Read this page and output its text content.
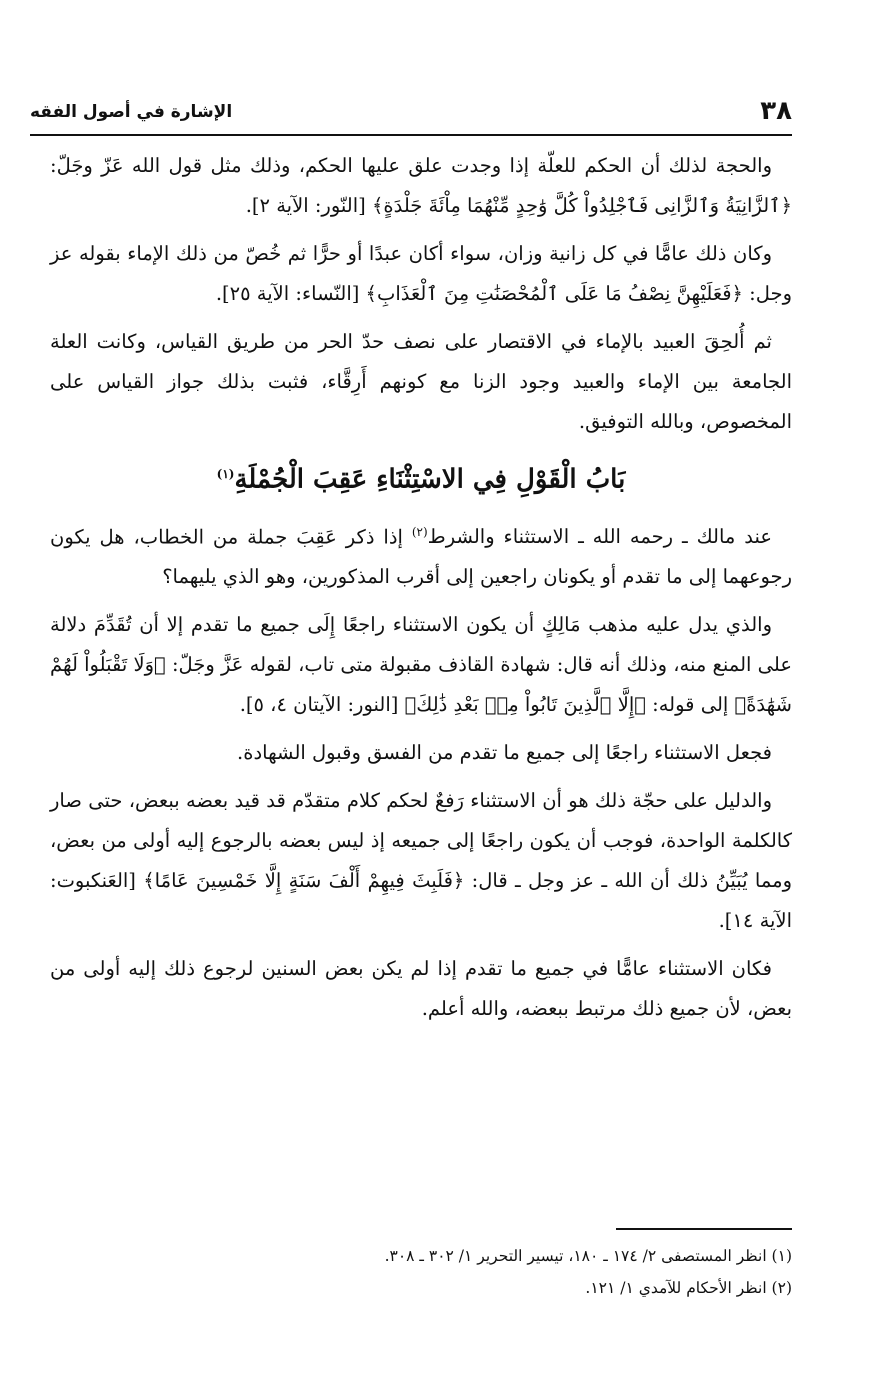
٣٨
الإشارة في أصول الفقه

والحجة لذلك أن الحكم للعلّة إذا وجدت علق عليها الحكم، وذلك مثل قول الله عَزّ وجَلّ: ﴿ٱلزَّانِيَةُ وَٱلزَّانِى فَٱجْلِدُواْ كُلَّ وَٰحِدٍ مِّنْهُمَا مِاْئَةَ جَلْدَةٍ﴾ [النّور: الآية ٢].

وكان ذلك عامًّا في كل زانية وزان، سواء أكان عبدًا أو حرًّا ثم خُصّ من ذلك الإماء بقوله عز وجل: ﴿فَعَلَيْهِنَّ نِصْفُ مَا عَلَى ٱلْمُحْصَنَٰتِ مِنَ ٱلْعَذَابِ﴾ [النّساء: الآية ٢٥].

ثم أُلحِقَ العبيد بالإماء في الاقتصار على نصف حدّ الحر من طريق القياس، وكانت العلة الجامعة بين الإماء والعبيد وجود الزنا مع كونهم أَرِقَّاء، فثبت بذلك جواز القياس على المخصوص، وبالله التوفيق.

بَابُ الْقَوْلِ فِي الاسْتِثْنَاءِ عَقِبَ الْجُمْلَةِ$^{(١)}$

عند مالك ـ رحمه الله ـ الاستثناء والشرط$^{(٢)}$ إذا ذكر عَقِبَ جملة من الخطاب، هل يكون رجوعهما إلى ما تقدم أو يكونان راجعين إلى أقرب المذكورين، وهو الذي يليهما؟

والذي يدل عليه مذهب مَالِكٍ أن يكون الاستثناء راجعًا إِلَى جميع ما تقدم إلا أن تُقَدِّمَ دلالة على المنع منه، وذلك أنه قال: شهادة القاذف مقبولة متى تاب، لقوله عَزَّ وجَلّ: ﴿وَلَا تَقْبَلُواْ لَهُمْ شَهَٰدَةً﴾ إلى قوله: ﴿إِلَّا ٱلَّذِينَ تَابُواْ مِنۢ بَعْدِ ذَٰلِكَ﴾ [النور: الآيتان ٤، ٥].

فجعل الاستثناء راجعًا إلى جميع ما تقدم من الفسق وقبول الشهادة.

والدليل على حجّة ذلك هو أن الاستثناء رَفعٌ لحكم كلام متقدّم قد قيد بعضه ببعض، حتى صار كالكلمة الواحدة، فوجب أن يكون راجعًا إلى جميعه إذ ليس بعضه بالرجوع إليه أولى من بعض، ومما يُبَيِّنُ ذلك أن الله ـ عز وجل ـ قال: ﴿فَلَبِثَ فِيهِمْ أَلْفَ سَنَةٍ إِلَّا خَمْسِينَ عَامًا﴾ [العَنكبوت: الآية ١٤].

فكان الاستثناء عامًّا في جميع ما تقدم إذا لم يكن بعض السنين لرجوع ذلك إليه أولى من بعض، لأن جميع ذلك مرتبط ببعضه، والله أعلم.

(١) انظر المستصفى ٢/ ١٧٤ ـ ١٨٠، تيسير التحرير ١/ ٣٠٢ ـ ٣٠٨.
(٢) انظر الأحكام للآمدي ١/ ١٢١.
